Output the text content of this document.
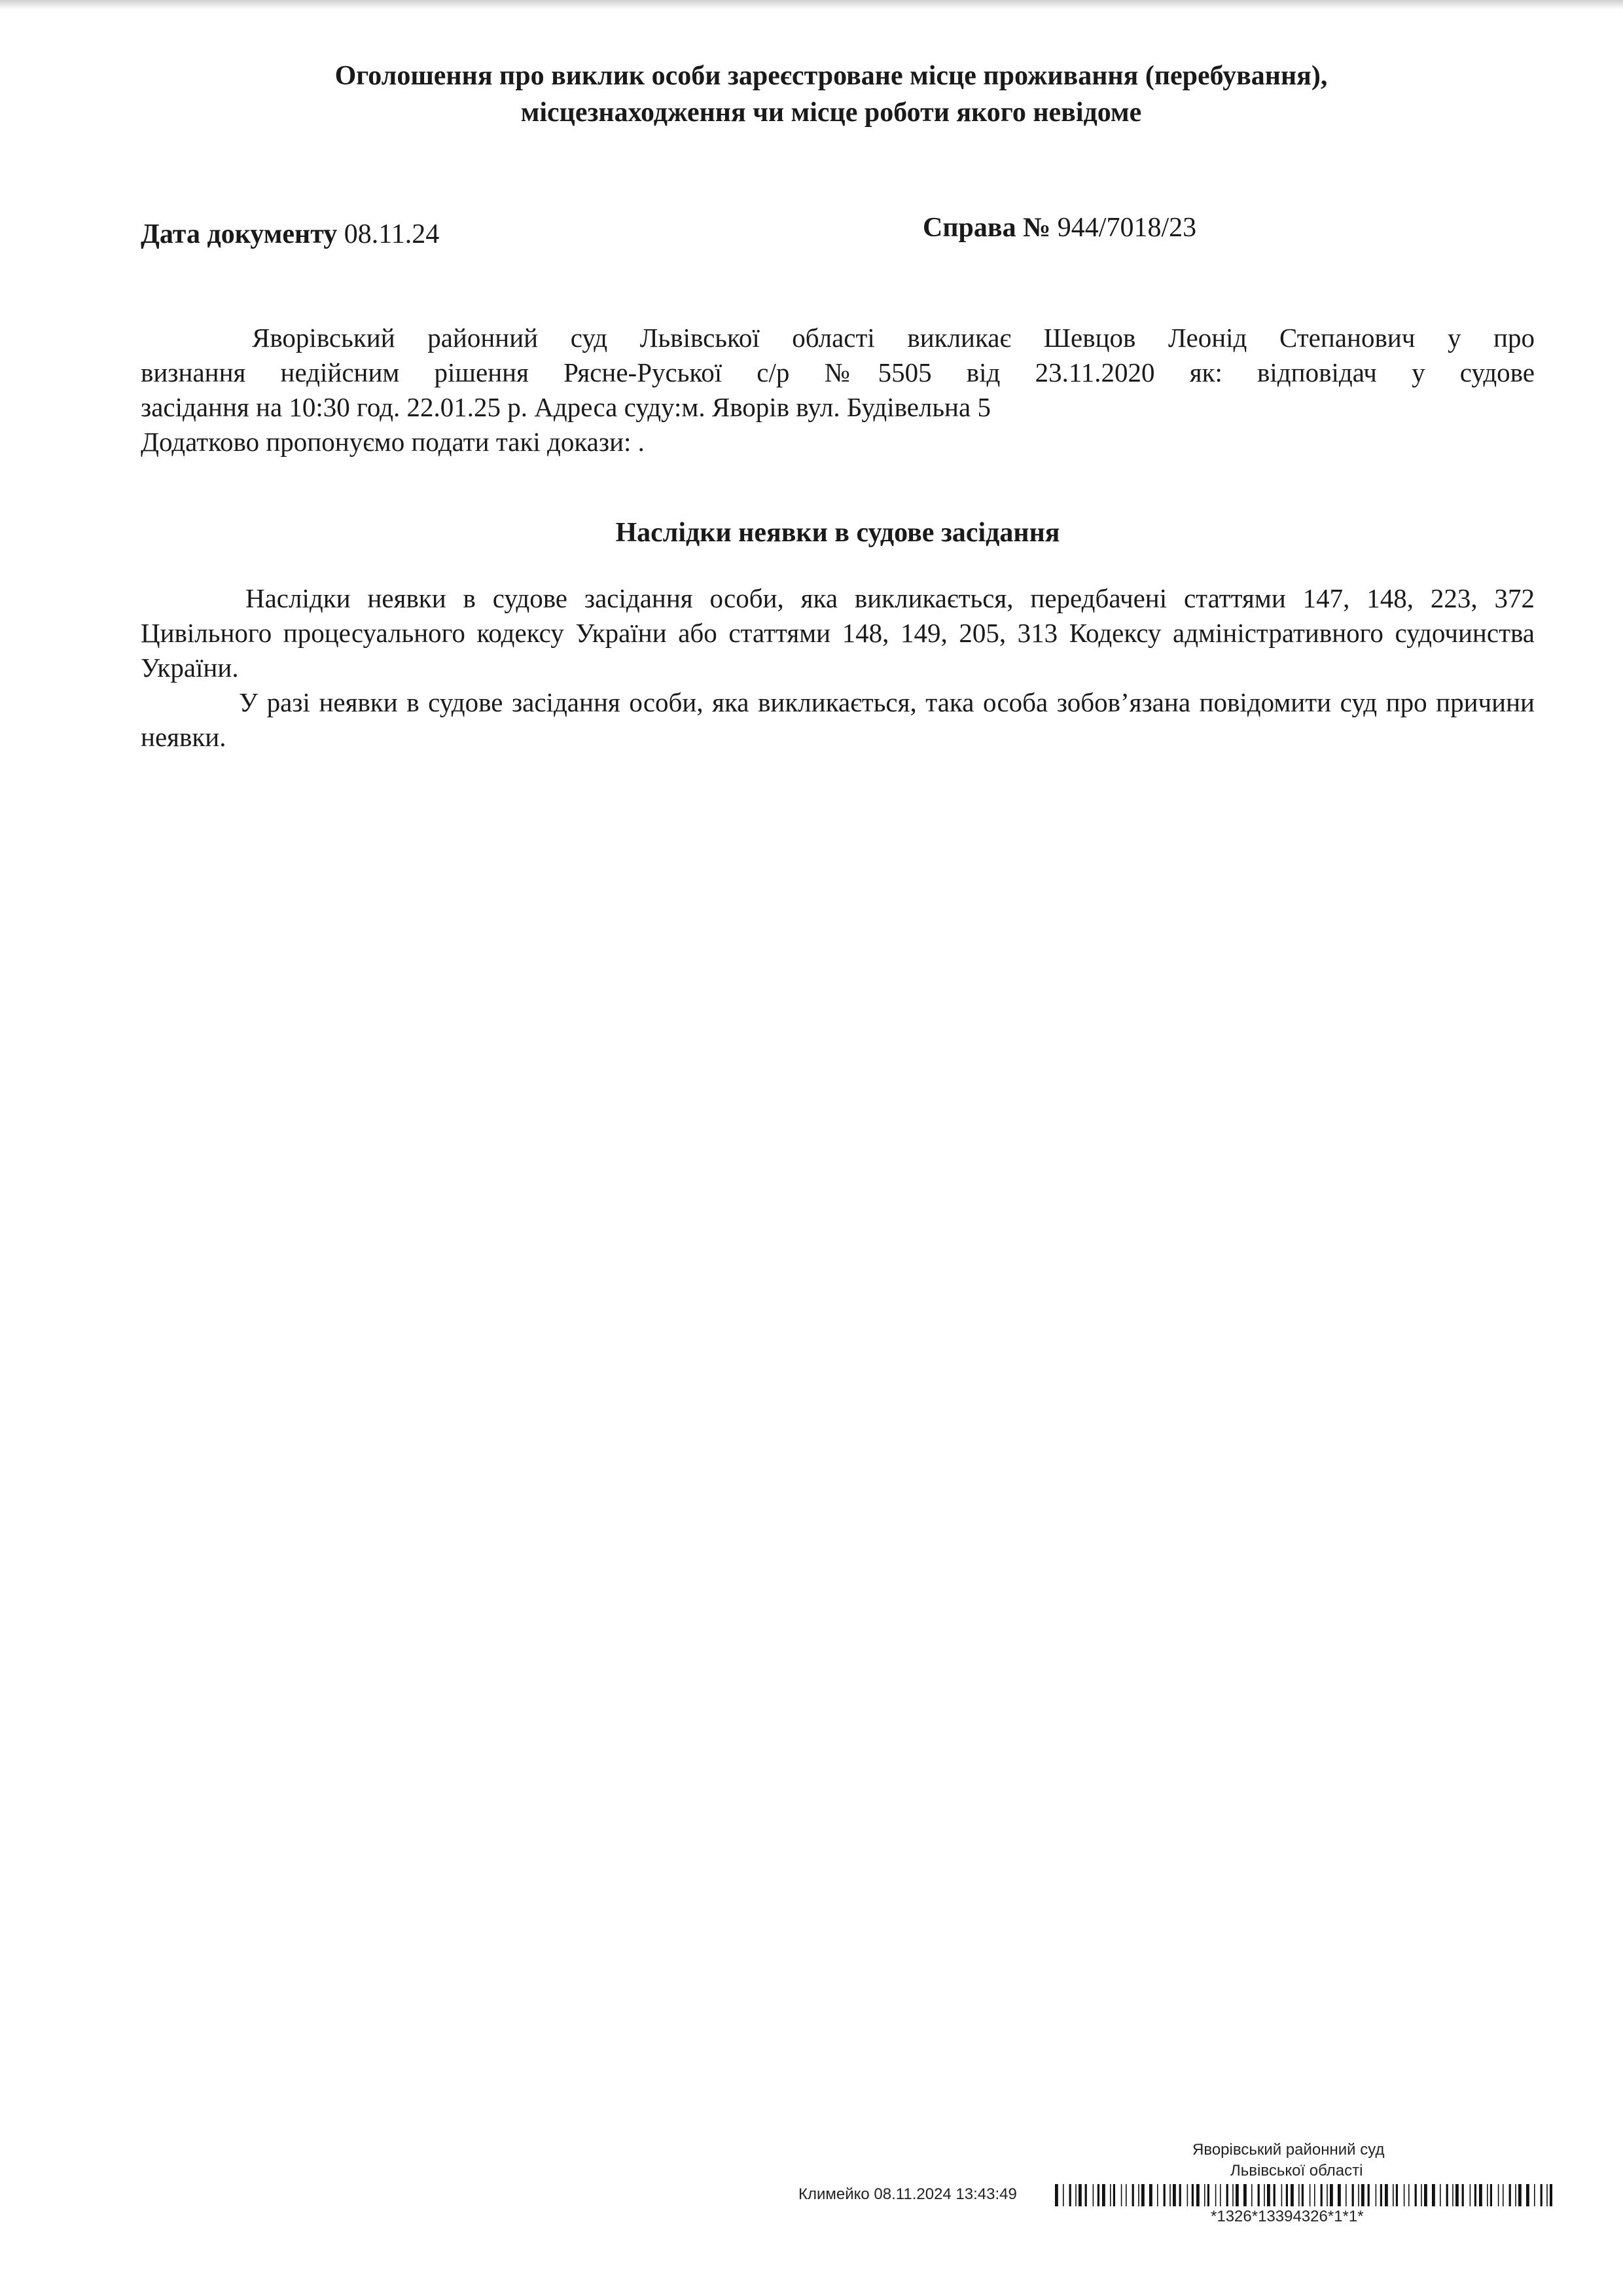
Оголошення про виклик особи зареєстроване місце проживання (перебування),
місцезнаходження чи місце роботи якого невідоме
Дата документу 08.11.24	Справа № 944/7018/23
Яворівський районний суд Львівської області викликає Шевцов Леонід Степанович у про
визнання недійсним рішення Рясне-Руської с/р №5505 від 23.11.2020 як: відповідач у судове
засідання на 10:30 год. 22.01.25 р. Адреса суду:м. Яворів вул. Будівельна 5
Додатково пропонуємо подати такі докази: .
Наслідки неявки в судове засідання

Наслідки неявки в судове засідання особи, яка викликається, передбачені статтями 147, 148, 223, 372 Цивільного процесуального кодексу України або статтями 148, 149, 205, 313 Кодексу адміністративного судочинства України.

У разі неявки в судове засідання особи, яка викликається, така особа зобов’язана повідомити суд про причини неявки.

Яворівський районний суд
Львівської області
Климейко 08.11.2024 13:43:49
*1326*13394326*1*1*
